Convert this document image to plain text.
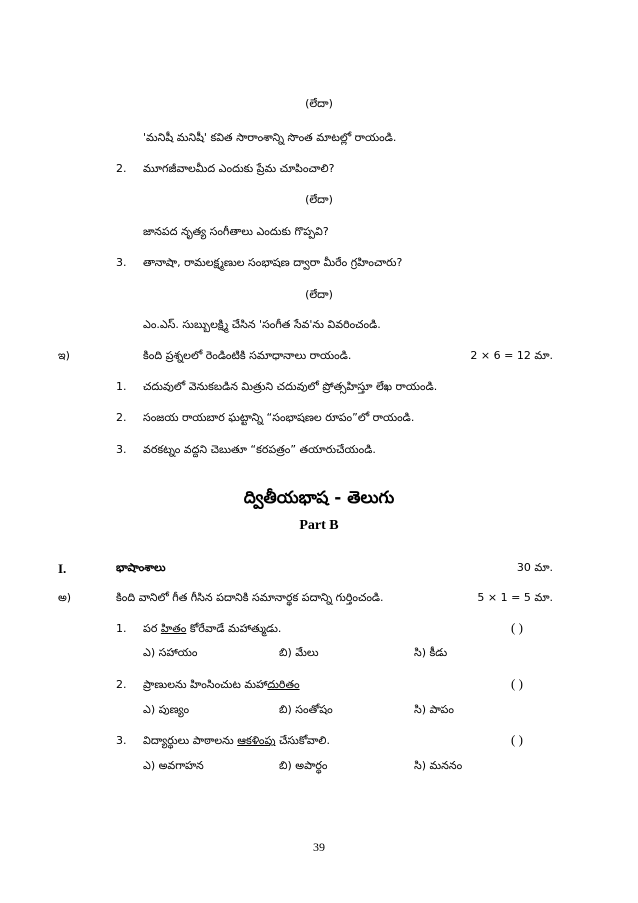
(లేదా)
'మనిషీ మనిషీ' కవిత సారాంశాన్ని సొంత మాటల్లో రాయండి.
2. మూగజీవాలమీద ఎందుకు ప్రేమ చూపించాలి?
(లేదా)
జానపద నృత్య సంగీతాలు ఎందుకు గొప్పవి?
3. తానాషా, రామలక్ష్మణుల సంభాషణ ద్వారా మీరేం గ్రహించారు?
(లేదా)
ఎం.ఎస్. సుబ్బులక్ష్మి చేసిన 'సంగీత సేవ'ను వివరించండి.
ఇ)	కింది ప్రశ్నలలో రెండింటికి సమాధానాలు రాయండి.	2 × 6 = 12 మా.
1. చదువులో వెనుకబడిన మిత్రుని చదువులో ప్రోత్సహిస్తూ లేఖ రాయండి.
2. సంజయ రాయబార ఘట్టాన్ని “సంభాషణల రూపం”లో రాయండి.
3. వరకట్నం వద్దని చెబుతూ “కరపత్రం” తయారుచేయండి.
ద్వితీయభాష - తెలుగు
Part B
I.	భాషాంశాలు	30 మా.
అ)	కింది వానిలో గీత గీసిన పదానికి సమానార్థక పదాన్ని గుర్తించండి.	5 × 1 = 5 మా.
1. పర హితం కోరేవాడే మహాత్ముడు.	( )
ఎ) సహాయం	బి) మేలు	సి) కీడు
2. ప్రాణులను హింసించుట మహాదురితం	( )
ఎ) పుణ్యం	బి) సంతోషం	సి) పాపం
3. విద్యార్థులు పాఠాలను ఆకళింపు చేసుకోవాలి.	( )
ఎ) అవగాహన	బి) అపార్థం	సి) మననం
39
